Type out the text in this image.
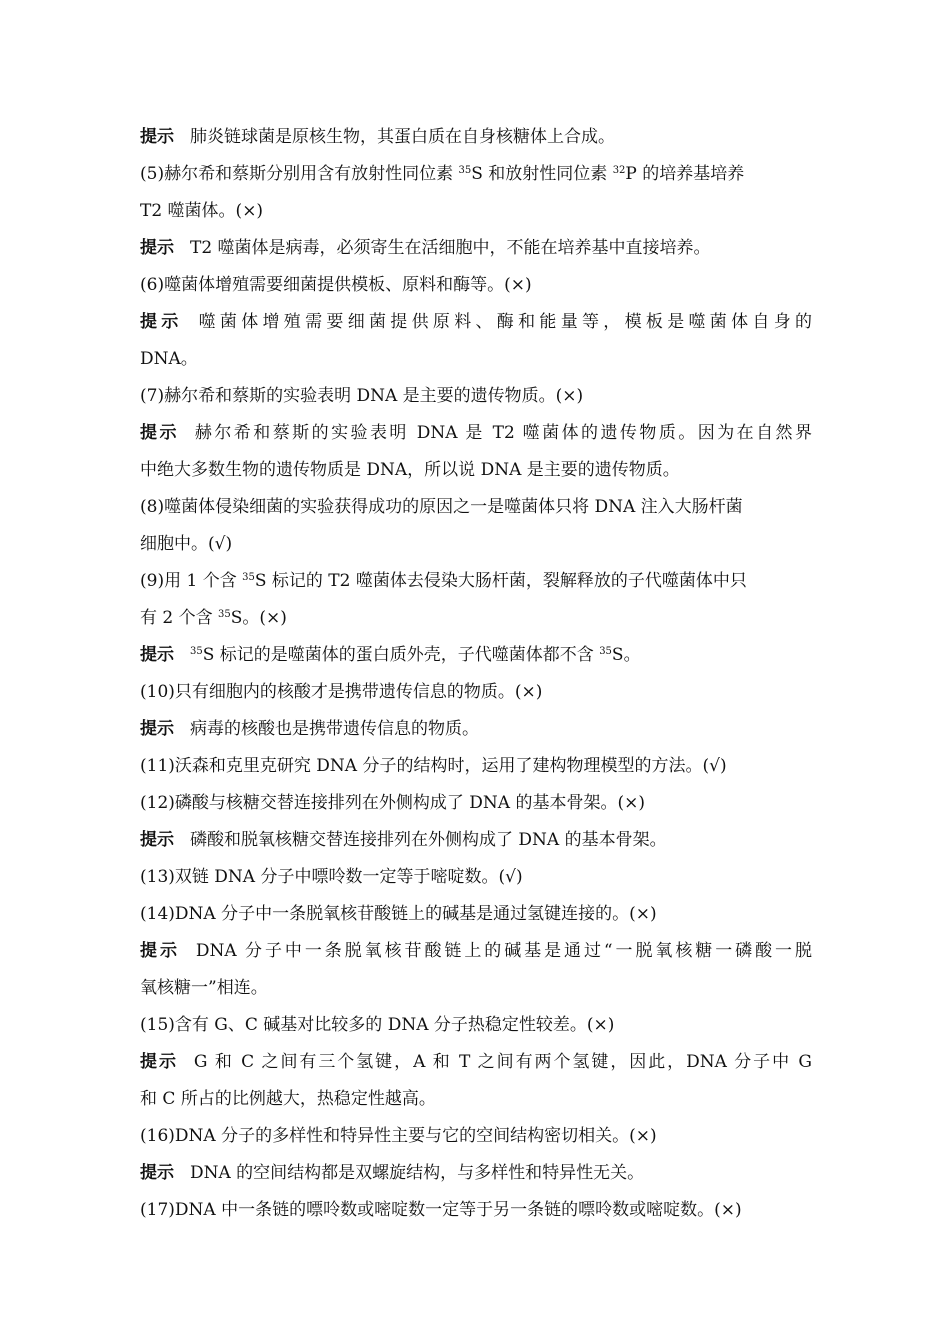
提示 肺炎链球菌是原核生物，其蛋白质在自身核糖体上合成。
(5)赫尔希和蔡斯分别用含有放射性同位素 $^{35}$S 和放射性同位素 $^{32}$P 的培养基培养
T2 噬菌体。(×)
提示 T2 噬菌体是病毒，必须寄生在活细胞中，不能在培养基中直接培养。
(6)噬菌体增殖需要细菌提供模板、原料和酶等。(×)
提示 噬菌体增殖需要细菌提供原料、酶和能量等，模板是噬菌体自身的
DNA。
(7)赫尔希和蔡斯的实验表明 DNA 是主要的遗传物质。(×)
提示 赫尔希和蔡斯的实验表明 DNA 是 T2 噬菌体的遗传物质。因为在自然界
中绝大多数生物的遗传物质是 DNA，所以说 DNA 是主要的遗传物质。
(8)噬菌体侵染细菌的实验获得成功的原因之一是噬菌体只将 DNA 注入大肠杆菌
细胞中。(√)
(9)用 1 个含 $^{35}$S 标记的 T2 噬菌体去侵染大肠杆菌，裂解释放的子代噬菌体中只
有 2 个含 $^{35}$S。(×)
提示 $^{35}$S 标记的是噬菌体的蛋白质外壳，子代噬菌体都不含 $^{35}$S。
(10)只有细胞内的核酸才是携带遗传信息的物质。(×)
提示 病毒的核酸也是携带遗传信息的物质。
(11)沃森和克里克研究 DNA 分子的结构时，运用了建构物理模型的方法。(√)
(12)磷酸与核糖交替连接排列在外侧构成了 DNA 的基本骨架。(×)
提示 磷酸和脱氧核糖交替连接排列在外侧构成了 DNA 的基本骨架。
(13)双链 DNA 分子中嘌呤数一定等于嘧啶数。(√)
(14)DNA 分子中一条脱氧核苷酸链上的碱基是通过氢键连接的。(×)
提示 DNA 分子中一条脱氧核苷酸链上的碱基是通过“一脱氧核糖一磷酸一脱
氧核糖一”相连。
(15)含有 G、C 碱基对比较多的 DNA 分子热稳定性较差。(×)
提示 G 和 C 之间有三个氢键，A 和 T 之间有两个氢键，因此，DNA 分子中 G
和 C 所占的比例越大，热稳定性越高。
(16)DNA 分子的多样性和特异性主要与它的空间结构密切相关。(×)
提示 DNA 的空间结构都是双螺旋结构，与多样性和特异性无关。
(17)DNA 中一条链的嘌呤数或嘧啶数一定等于另一条链的嘌呤数或嘧啶数。(×)
